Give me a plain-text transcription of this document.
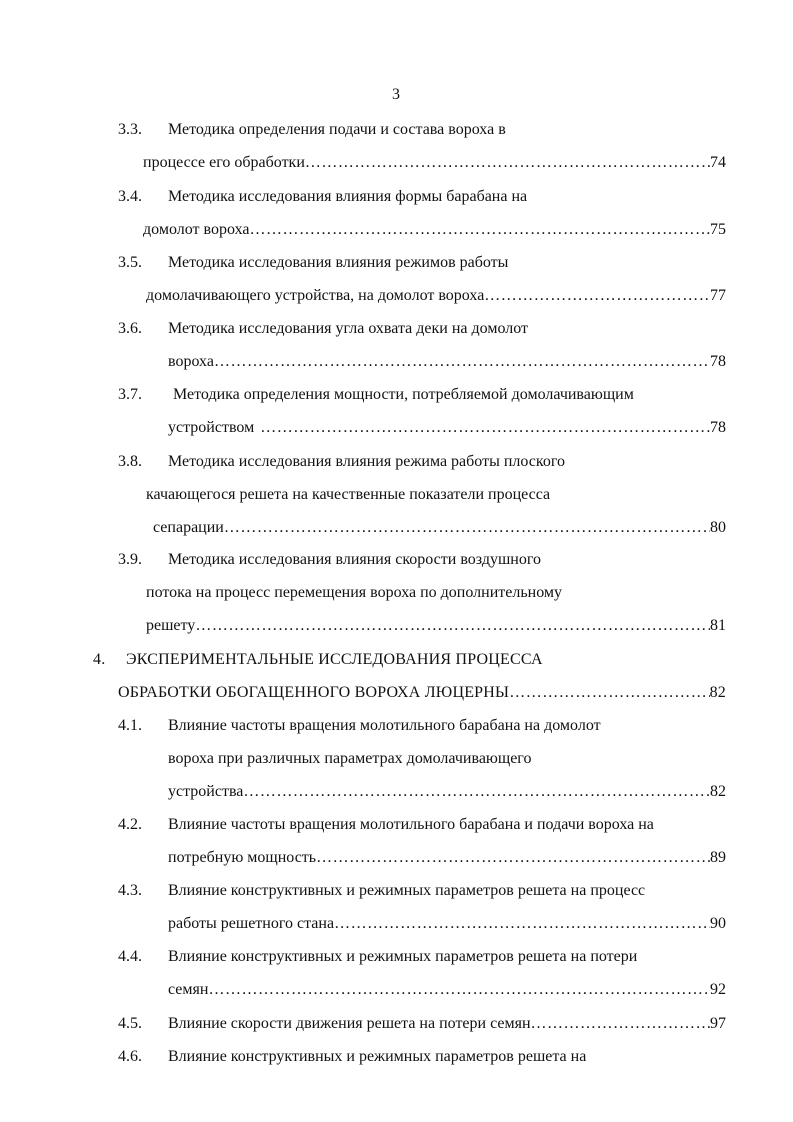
3
3.3. Методика определения подачи и состава вороха в
процессе его обработки ……………………………………………………………………………………………………………………………………………………………………………………………………………………	74
3.4. Методика исследования влияния формы барабана на
домолот вороха ……………………………………………………………………………………………………………………………………………………………………………………………………………………	75
3.5. Методика исследования влияния режимов работы
домолачивающего устройства, на домолот вороха ……………………………………………………………………………………………………………………………………………………………………………………………………………………	77
3.6. Методика исследования угла охвата деки на домолот
вороха ……………………………………………………………………………………………………………………………………………………………………………………………………………………	78
3.7. Методика определения мощности, потребляемой домолачивающим
устройством ……………………………………………………………………………………………………………………………………………………………………………………………………………………	78
3.8. Методика исследования влияния режима работы плоского
качающегося решета на качественные показатели процесса
сепарации ……………………………………………………………………………………………………………………………………………………………………………………………………………………	80
3.9. Методика исследования влияния скорости воздушного
потока на процесс перемещения вороха по дополнительному
решету ……………………………………………………………………………………………………………………………………………………………………………………………………………………	81
4. ЭКСПЕРИМЕНТАЛЬНЫЕ ИССЛЕДОВАНИЯ ПРОЦЕССА
ОБРАБОТКИ ОБОГАЩЕННОГО ВОРОХА ЛЮЦЕРНЫ ……………………………………………………………………………………………………………………………………………………………………………………………………………………	82
4.1. Влияние частоты вращения молотильного барабана на домолот
вороха при различных параметрах домолачивающего
устройства ……………………………………………………………………………………………………………………………………………………………………………………………………………………	82
4.2. Влияние частоты вращения молотильного барабана и подачи вороха на
потребную мощность ……………………………………………………………………………………………………………………………………………………………………………………………………………………	89
4.3. Влияние конструктивных и режимных параметров решета на процесс
работы решетного стана ……………………………………………………………………………………………………………………………………………………………………………………………………………………	90
4.4. Влияние конструктивных и режимных параметров решета на потери
семян ……………………………………………………………………………………………………………………………………………………………………………………………………………………	92
4.5. Влияние скорости движения решета на потери семян ……………………………………………………………………………………………………………………………………………………………………………………………………………………	97
4.6. Влияние конструктивных и режимных параметров решета на
